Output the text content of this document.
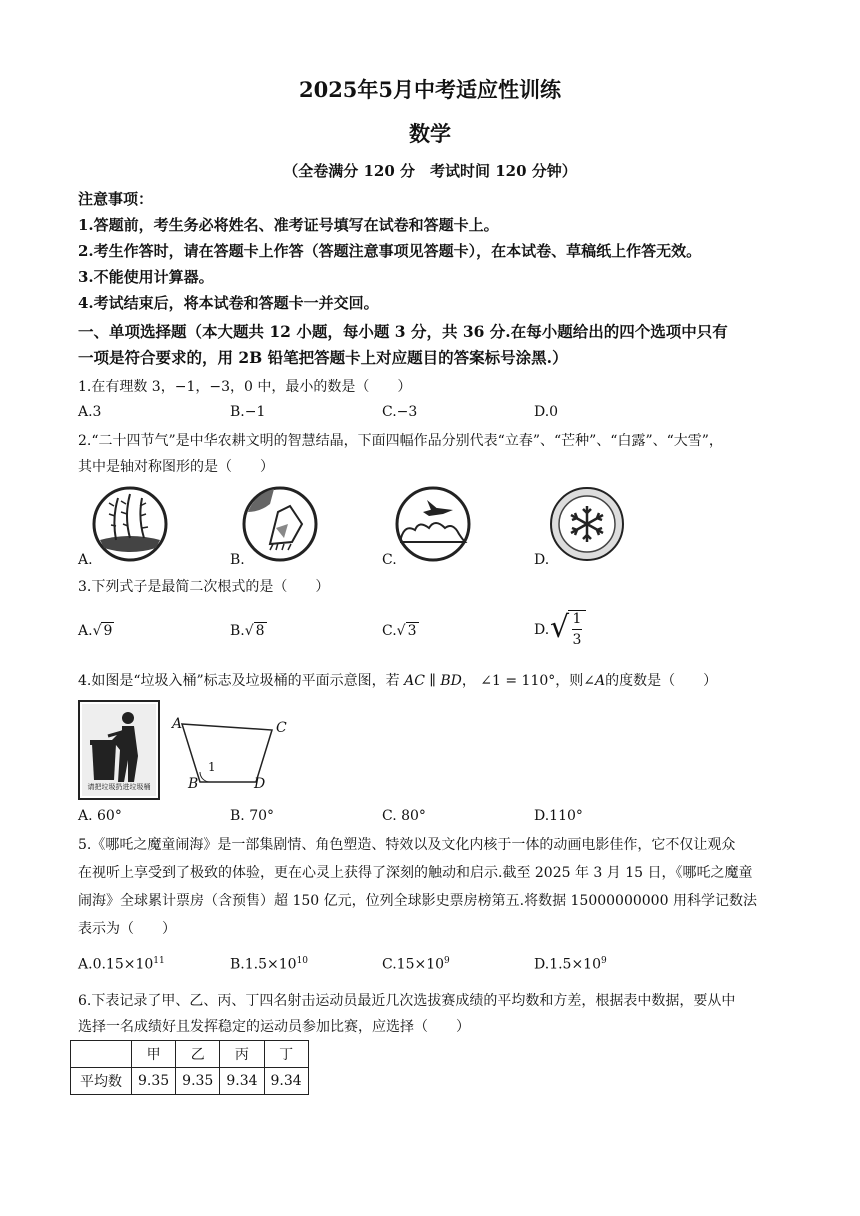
2025年5月中考适应性训练
数学
（全卷满分 120 分　考试时间 120 分钟）
注意事项：
1.答题前，考生务必将姓名、准考证号填写在试卷和答题卡上。
2.考生作答时，请在答题卡上作答（答题注意事项见答题卡），在本试卷、草稿纸上作答无效。
3.不能使用计算器。
4.考试结束后，将本试卷和答题卡一并交回。
一、单项选择题（本大题共 12 小题，每小题 3 分，共 36 分.在每小题给出的四个选项中只有
一项是符合要求的，用 2B 铅笔把答题卡上对应题目的答案标号涂黑.）
1.在有理数 3，−1，−3，0 中，最小的数是（　　）
A.3	B.−1	C.−3	D.0
2.“二十四节气”是中华农耕文明的智慧结晶，下面四幅作品分别代表“立春”、“芒种”、“白露”、“大雪”，
其中是轴对称图形的是（　　）
A.	B.	C.	D.
3.下列式子是最简二次根式的是（　　）
A.√ 9	B.√ 8	C.√ 3	D. √ 1
3
4.如图是“垃圾入桶”标志及垃圾桶的平面示意图，若 AC ∥ BD， ∠1 = 110°，则∠A的度数是（　　）
请把垃圾扔进垃圾桶
A	C
B	D
1
A. 60°	B. 70°	C. 80°	D.110°
5.《哪吒之魔童闹海》是一部集剧情、角色塑造、特效以及文化内核于一体的动画电影佳作，它不仅让观众
在视听上享受到了极致的体验，更在心灵上获得了深刻的触动和启示.截至 2025 年 3 月 15 日，《哪吒之魔童
闹海》全球累计票房（含预售）超 150 亿元，位列全球影史票房榜第五.将数据 15000000000 用科学记数法
表示为（　　）
$A.0.15\times 10^{11}$	$B.1.5\times 10^{10}$	$C.15\times 10^9$	$D.1.5\times 10^9$
6.下表记录了甲、乙、丙、丁四名射击运动员最近几次选拔赛成绩的平均数和方差，根据表中数据，要从中
选择一名成绩好且发挥稳定的运动员参加比赛，应选择（　　）
	甲	乙	丙	丁
平均数	9.35	9.35	9.34	9.34
